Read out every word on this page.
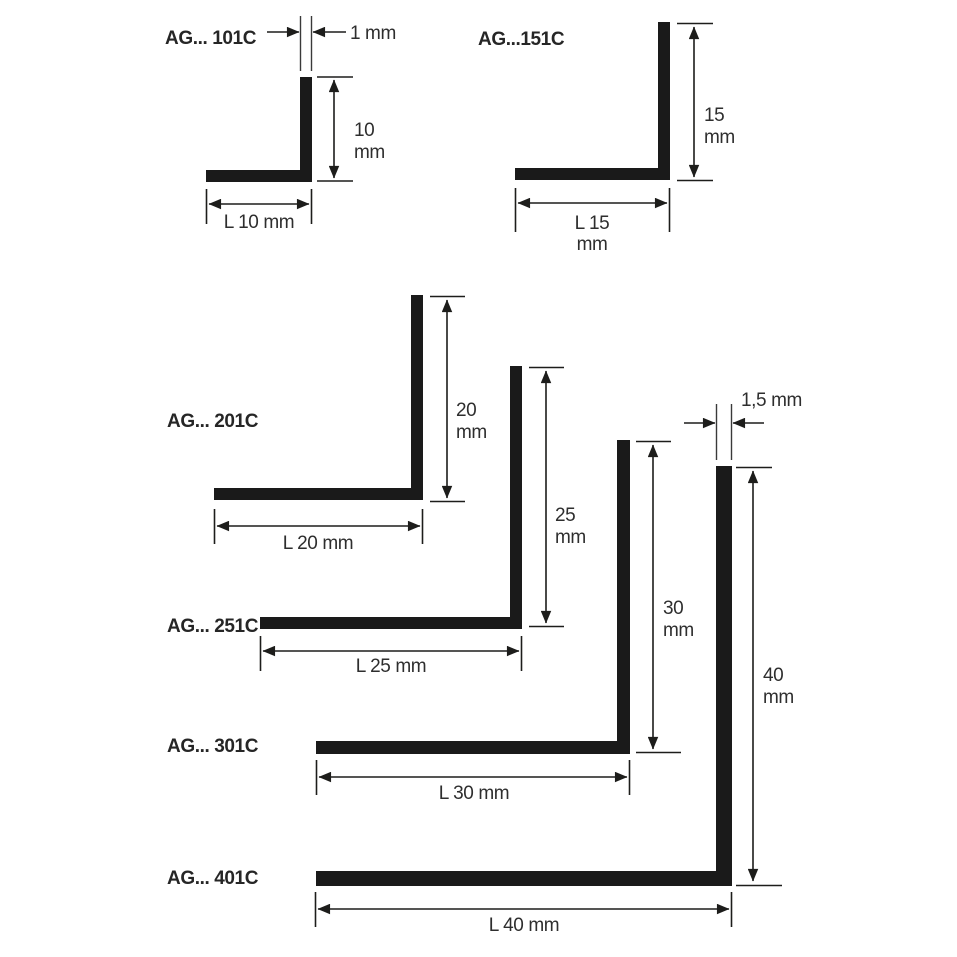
AG... 101C	1 mm
10
mm
L 10 mm
AG...151C
15
mm
L 15
mm
AG... 201C
20
mm
L 20 mm
AG... 251C
25
mm
L 25 mm
AG... 301C
30
mm
L 30 mm
AG... 401C
1,5 mm
40
mm
L 40 mm
